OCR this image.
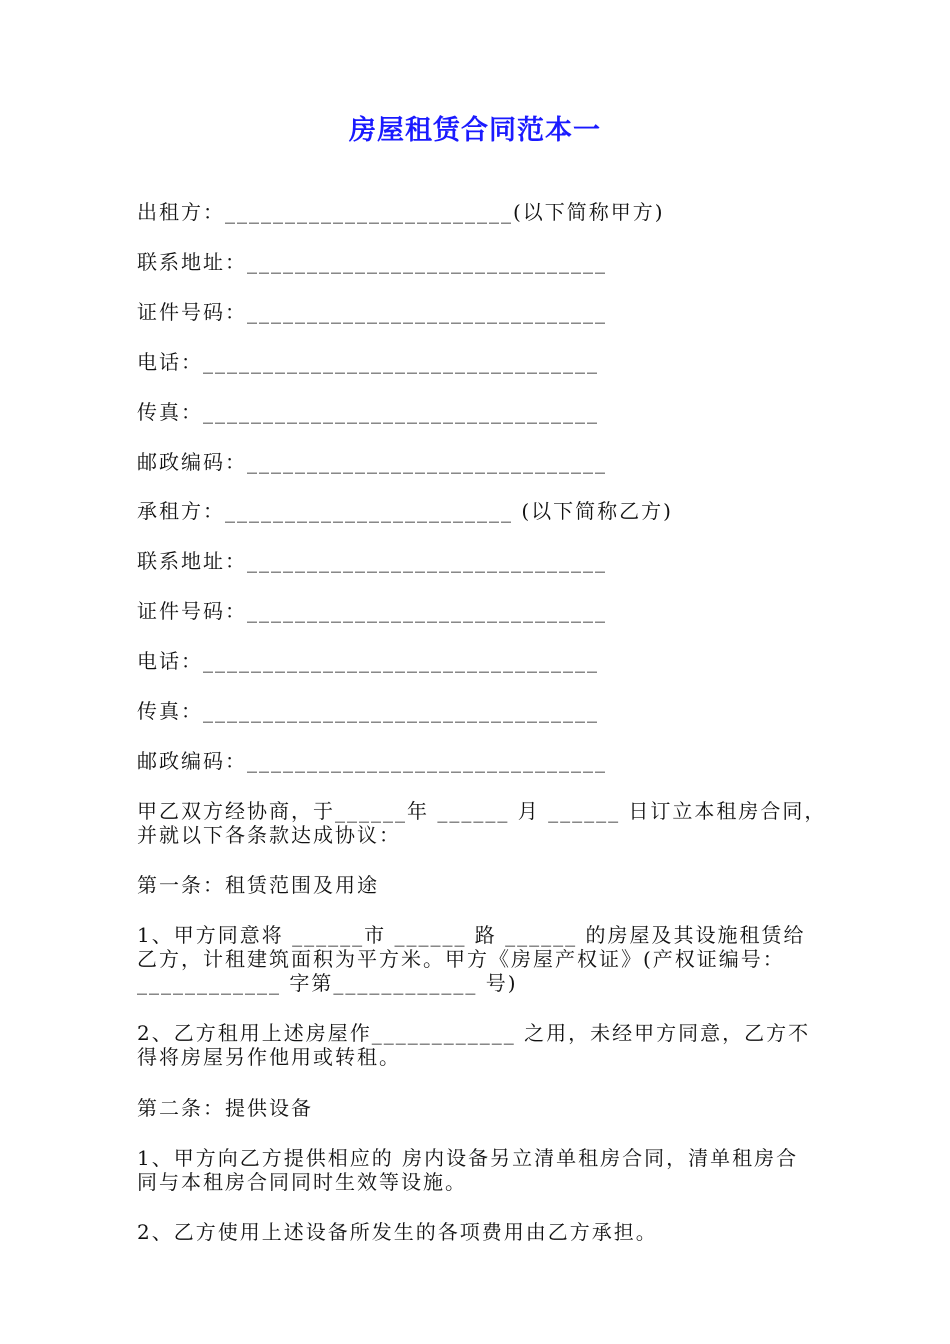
房屋租赁合同范本一
出租方：________________________(以下简称甲方)
联系地址：______________________________
证件号码：______________________________
电话：_________________________________
传真：_________________________________
邮政编码：______________________________
承租方：________________________ (以下简称乙方)
联系地址：______________________________
证件号码：______________________________
电话：_________________________________
传真：_________________________________
邮政编码：______________________________
甲乙双方经协商，于______年 ______ 月 ______ 日订立本租房合同，
并就以下各条款达成协议：
第一条：租赁范围及用途
1、甲方同意将 ______市 ______ 路 ______ 的房屋及其设施租赁给
乙方，计租建筑面积为平方米。甲方《房屋产权证》(产权证编号：
____________ 字第____________ 号)
2、乙方租用上述房屋作____________ 之用，未经甲方同意，乙方不
得将房屋另作他用或转租。
第二条：提供设备
1、甲方向乙方提供相应的 房内设备另立清单租房合同，清单租房合
同与本租房合同同时生效等设施。
2、乙方使用上述设备所发生的各项费用由乙方承担。
